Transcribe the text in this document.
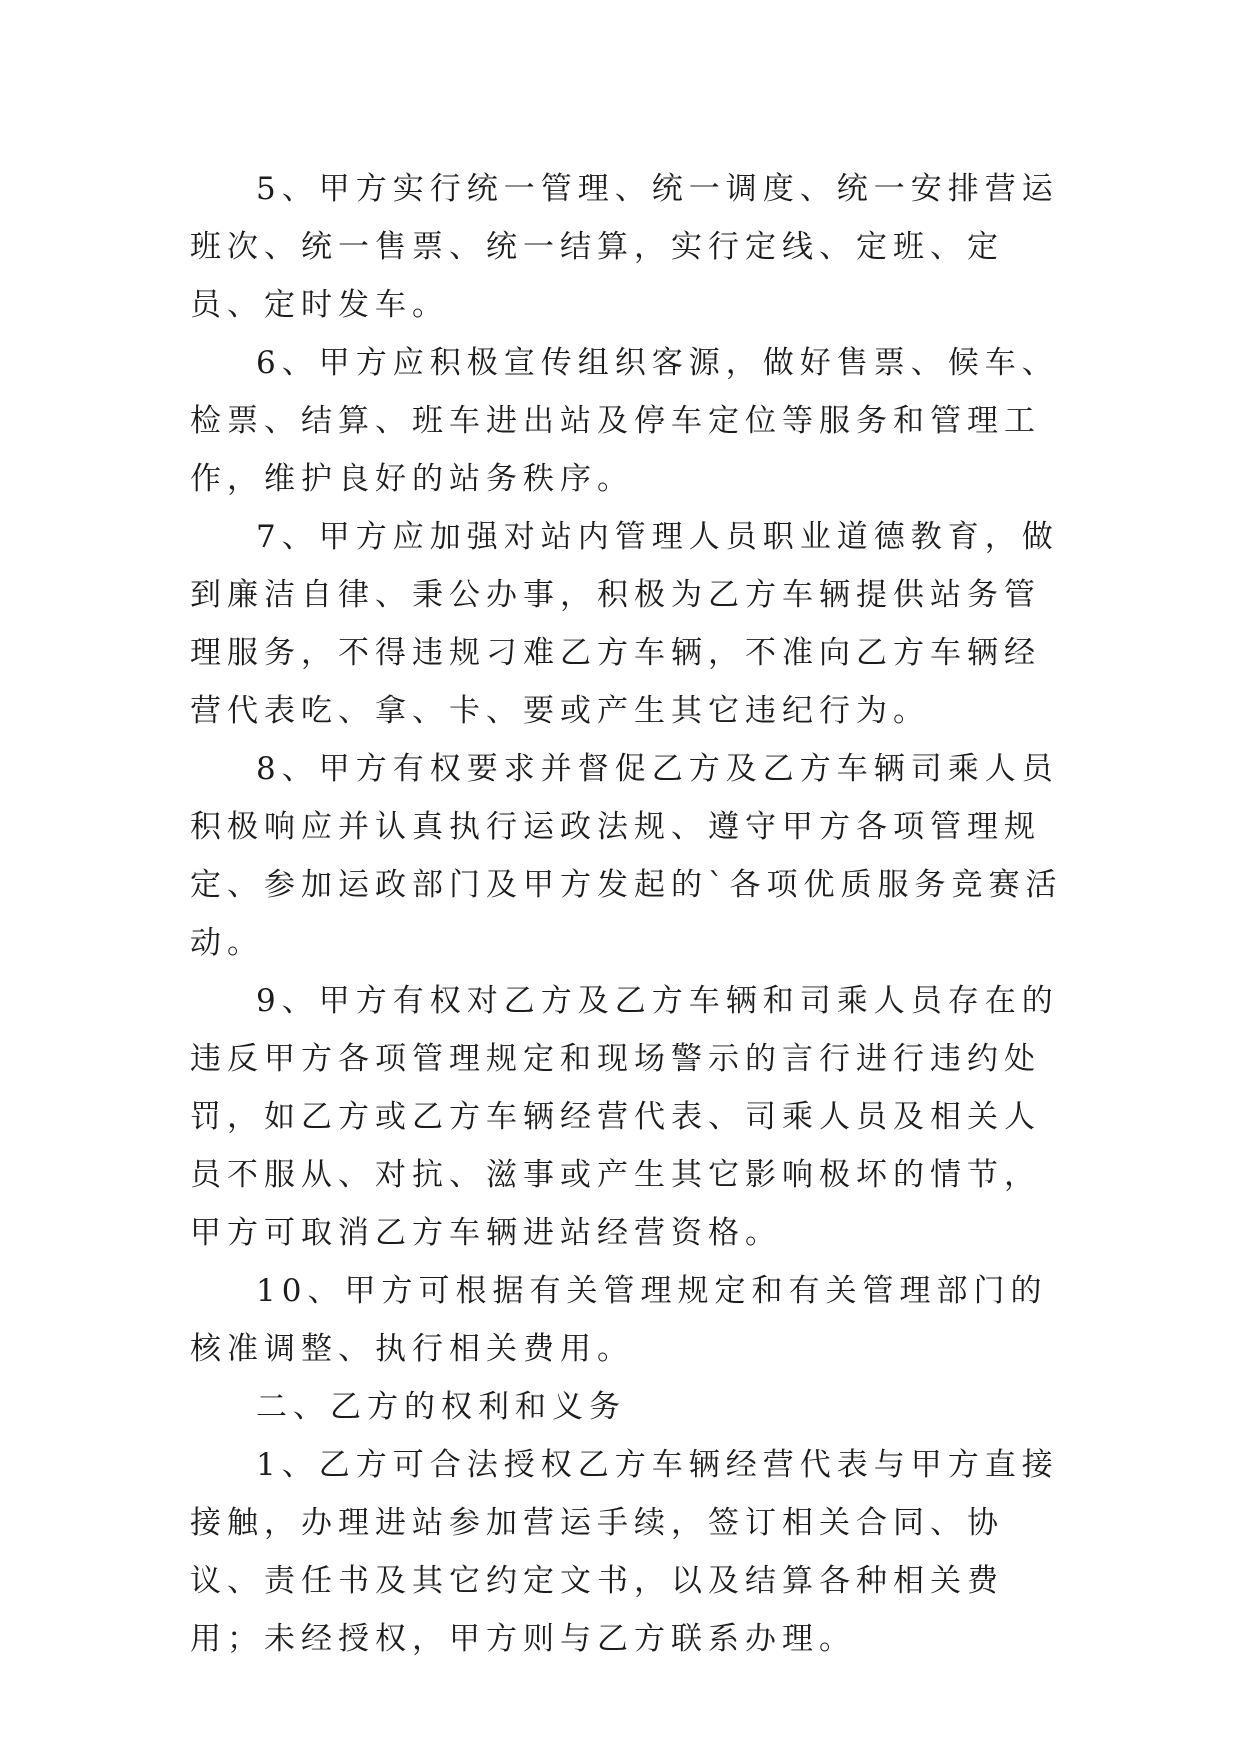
5、甲方实行统一管理、统一调度、统一安排营运班次、统一售票、统一结算，实行定线、定班、定员、定时发车。

6、甲方应积极宣传组织客源，做好售票、候车、检票、结算、班车进出站及停车定位等服务和管理工作，维护良好的站务秩序。

7、甲方应加强对站内管理人员职业道德教育，做到廉洁自律、秉公办事，积极为乙方车辆提供站务管理服务，不得违规刁难乙方车辆，不准向乙方车辆经营代表吃、拿、卡、要或产生其它违纪行为。

8、甲方有权要求并督促乙方及乙方车辆司乘人员积极响应并认真执行运政法规、遵守甲方各项管理规定、参加运政部门及甲方发起的`各项优质服务竞赛活动。

9、甲方有权对乙方及乙方车辆和司乘人员存在的违反甲方各项管理规定和现场警示的言行进行违约处罚，如乙方或乙方车辆经营代表、司乘人员及相关人员不服从、对抗、滋事或产生其它影响极坏的情节，甲方可取消乙方车辆进站经营资格。

10、甲方可根据有关管理规定和有关管理部门的核准调整、执行相关费用。

二、乙方的权利和义务

1、乙方可合法授权乙方车辆经营代表与甲方直接接触，办理进站参加营运手续，签订相关合同、协议、责任书及其它约定文书，以及结算各种相关费用；未经授权，甲方则与乙方联系办理。
